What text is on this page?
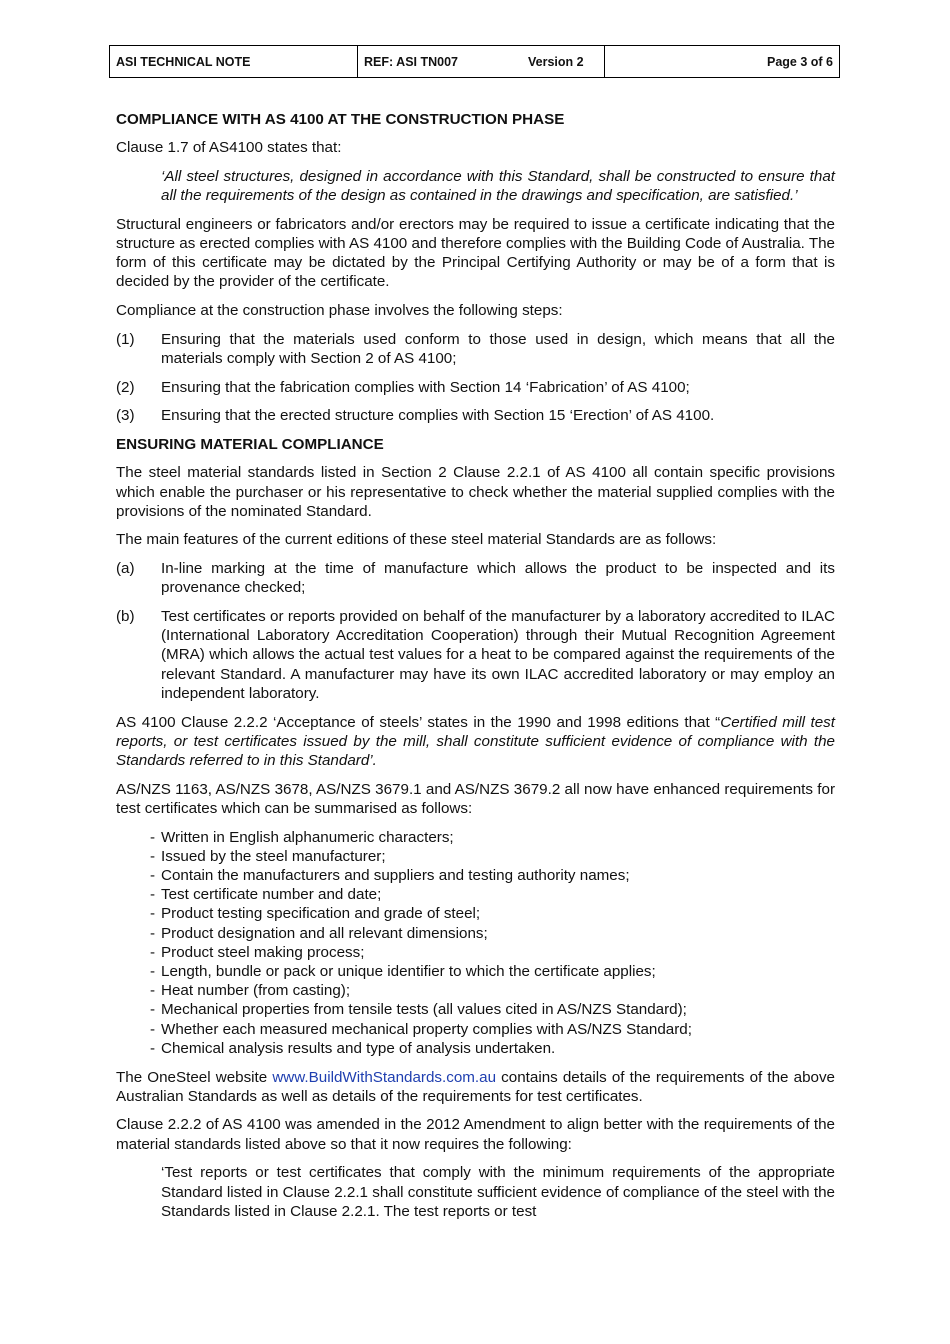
ASI TECHNICAL NOTE	REF: ASI TN007	Version 2	Page 3 of 6
COMPLIANCE WITH AS 4100 AT THE CONSTRUCTION PHASE

Clause 1.7 of AS4100 states that:

‘All steel structures, designed in accordance with this Standard, shall be constructed to ensure that all the requirements of the design as contained in the drawings and specification, are satisfied.’

Structural engineers or fabricators and/or erectors may be required to issue a certificate indicating that the structure as erected complies with AS 4100 and therefore complies with the Building Code of Australia. The form of this certificate may be dictated by the Principal Certifying Authority or may be of a form that is decided by the provider of the certificate.

Compliance at the construction phase involves the following steps:

(1)	Ensuring that the materials used conform to those used in design, which means that all the materials comply with Section 2 of AS 4100;
(2)	Ensuring that the fabrication complies with Section 14 ‘Fabrication’ of AS 4100;
(3)	Ensuring that the erected structure complies with Section 15 ‘Erection’ of AS 4100.
ENSURING MATERIAL COMPLIANCE

The steel material standards listed in Section 2 Clause 2.2.1 of AS 4100 all contain specific provisions which enable the purchaser or his representative to check whether the material supplied complies with the provisions of the nominated Standard.

The main features of the current editions of these steel material Standards are as follows:

(a)	In-line marking at the time of manufacture which allows the product to be inspected and its provenance checked;
(b)	Test certificates or reports provided on behalf of the manufacturer by a laboratory accredited to ILAC (International Laboratory Accreditation Cooperation) through their Mutual Recognition Agreement (MRA) which allows the actual test values for a heat to be compared against the requirements of the relevant Standard. A manufacturer may have its own ILAC accredited laboratory or may employ an independent laboratory.

AS 4100 Clause 2.2.2 ‘Acceptance of steels’ states in the 1990 and 1998 editions that “Certified mill test reports, or test certificates issued by the mill, shall constitute sufficient evidence of compliance with the Standards referred to in this Standard’.

AS/NZS 1163, AS/NZS 3678, AS/NZS 3679.1 and AS/NZS 3679.2 all now have enhanced requirements for test certificates which can be summarised as follows:

- Written in English alphanumeric characters;
- Issued by the steel manufacturer;
- Contain the manufacturers and suppliers and testing authority names;
- Test certificate number and date;
- Product testing specification and grade of steel;
- Product designation and all relevant dimensions;
- Product steel making process;
- Length, bundle or pack or unique identifier to which the certificate applies;
- Heat number (from casting);
- Mechanical properties from tensile tests (all values cited in AS/NZS Standard);
- Whether each measured mechanical property complies with AS/NZS Standard;
- Chemical analysis results and type of analysis undertaken.

The OneSteel website www.BuildWithStandards.com.au contains details of the requirements of the above Australian Standards as well as details of the requirements for test certificates.

Clause 2.2.2 of AS 4100 was amended in the 2012 Amendment to align better with the requirements of the material standards listed above so that it now requires the following:

‘Test reports or test certificates that comply with the minimum requirements of the appropriate Standard listed in Clause 2.2.1 shall constitute sufficient evidence of compliance of the steel with the Standards listed in Clause 2.2.1. The test reports or test
